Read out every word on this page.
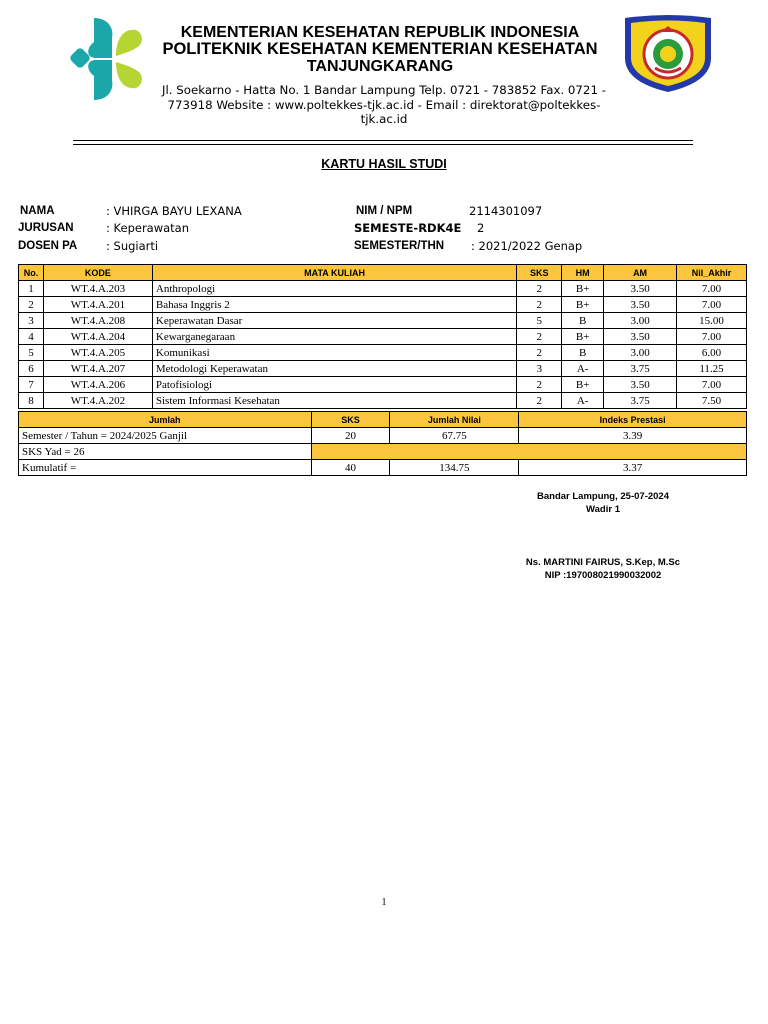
KEMENTERIAN KESEHATAN REPUBLIK INDONESIA
POLITEKNIK KESEHATAN KEMENTERIAN KESEHATAN
TANJUNGKARANG
Jl. Soekarno - Hatta No. 1 Bandar Lampung Telp. 0721 - 783852 Fax. 0721 - 773918 Website : www.poltekkes-tjk.ac.id - Email : direktorat@poltekkes-tjk.ac.id
KARTU HASIL STUDI
NAMA	: VHIRGA BAYU LEXANA
JURUSAN	: Keperawatan
DOSEN PA	: Sugiarti
NIM / NPM	2114301097
SEMESTE-RDK4E 2
SEMESTER/THN : 2021/2022 Genap
No.	KODE	MATA KULIAH	SKS	HM	AM	Nil_Akhir
1	WT.4.A.203	Anthropologi	2	B+	3.50	7.00
2	WT.4.A.201	Bahasa Inggris 2	2	B+	3.50	7.00
3	WT.4.A.208	Keperawatan Dasar	5	B	3.00	15.00
4	WT.4.A.204	Kewarganegaraan	2	B+	3.50	7.00
5	WT.4.A.205	Komunikasi	2	B	3.00	6.00
6	WT.4.A.207	Metodologi Keperawatan	3	A-	3.75	11.25
7	WT.4.A.206	Patofisiologi	2	B+	3.50	7.00
8	WT.4.A.202	Sistem Informasi Kesehatan	2	A-	3.75	7.50
Jumlah	SKS	Jumlah Nilai	Indeks Prestasi
Semester / Tahun = 2024/2025 Ganjil	20	67.75	3.39
SKS Yad = 26			
Kumulatif =	40	134.75	3.37
Bandar Lampung, 25-07-2024
Wadir 1
Ns. MARTINI FAIRUS, S.Kep, M.Sc
NIP :197008021990032002
1
